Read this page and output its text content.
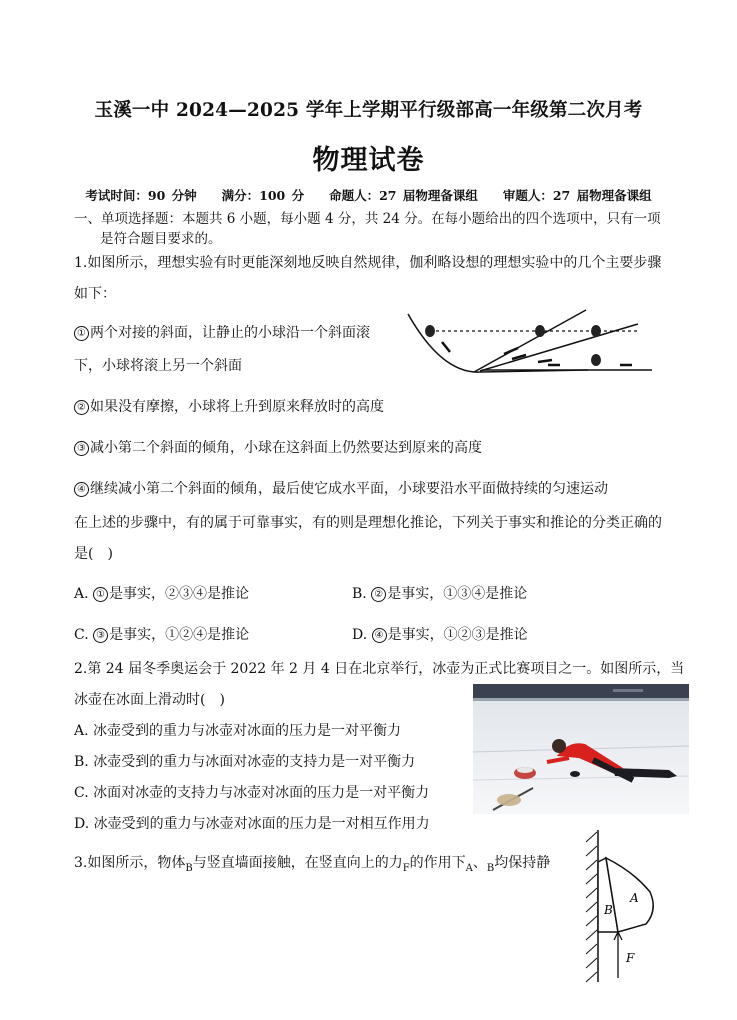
玉溪一中 2024—2025 学年上学期平行级部高一年级第二次月考
物理试卷
考试时间：90 分钟　　满分：100 分　　命题人：27 届物理备课组　　审题人：27 届物理备课组
一、单项选择题：本题共 6 小题，每小题 4 分，共 24 分。在每小题给出的四个选项中，只有一项
是符合题目要求的。
1.如图所示，理想实验有时更能深刻地反映自然规律，伽利略设想的理想实验中的几个主要步骤
如下：
① 两个对接的斜面，让静止的小球沿一个斜面滚
下，小球将滚上另一个斜面
② 如果没有摩擦，小球将上升到原来释放时的高度
③ 减小第二个斜面的倾角，小球在这斜面上仍然要达到原来的高度
④ 继续减小第二个斜面的倾角，最后使它成水平面，小球要沿水平面做持续的匀速运动
在上述的步骤中，有的属于可靠事实，有的则是理想化推论，下列关于事实和推论的分类正确的
是(　)
A. ① 是事实，②③④是推论	B. ② 是事实，①③④是推论
C. ③ 是事实，①②④是推论	D. ④ 是事实，①②③是推论
2.第 24 届冬季奥运会于 2022 年 2 月 4 日在北京举行，冰壶为正式比赛项目之一。如图所示，当
冰壶在冰面上滑动时(　)
A. 冰壶受到的重力与冰壶对冰面的压力是一对平衡力
B. 冰壶受到的重力与冰面对冰壶的支持力是一对平衡力
C. 冰面对冰壶的支持力与冰壶对冰面的压力是一对平衡力
D. 冰壶受到的重力与冰壶对冰面的压力是一对相互作用力
3.如图所示，物体$_B$与竖直墙面接触，在竖直向上的力$_F$的作用下$_A$、$_B$均保持静
B
A
F
